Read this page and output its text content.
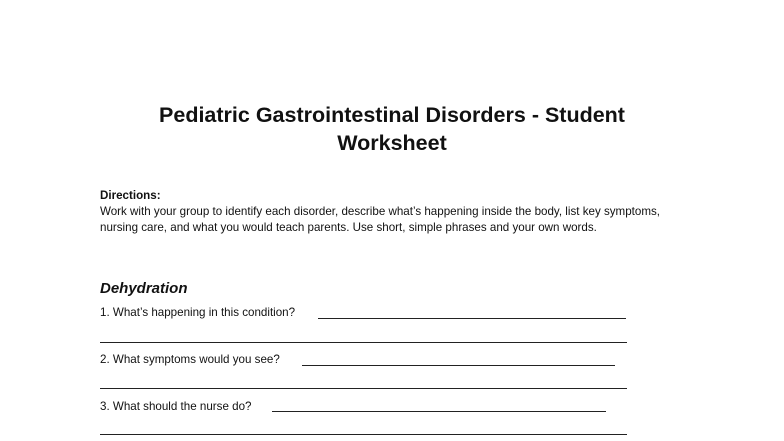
Pediatric Gastrointestinal Disorders - Student
Worksheet
Directions:
Work with your group to identify each disorder, describe what’s happening inside the body, list key symptoms, nursing care, and what you would teach parents. Use short, simple phrases and your own words.
Dehydration
1. What’s happening in this condition?
2. What symptoms would you see?
3. What should the nurse do?
